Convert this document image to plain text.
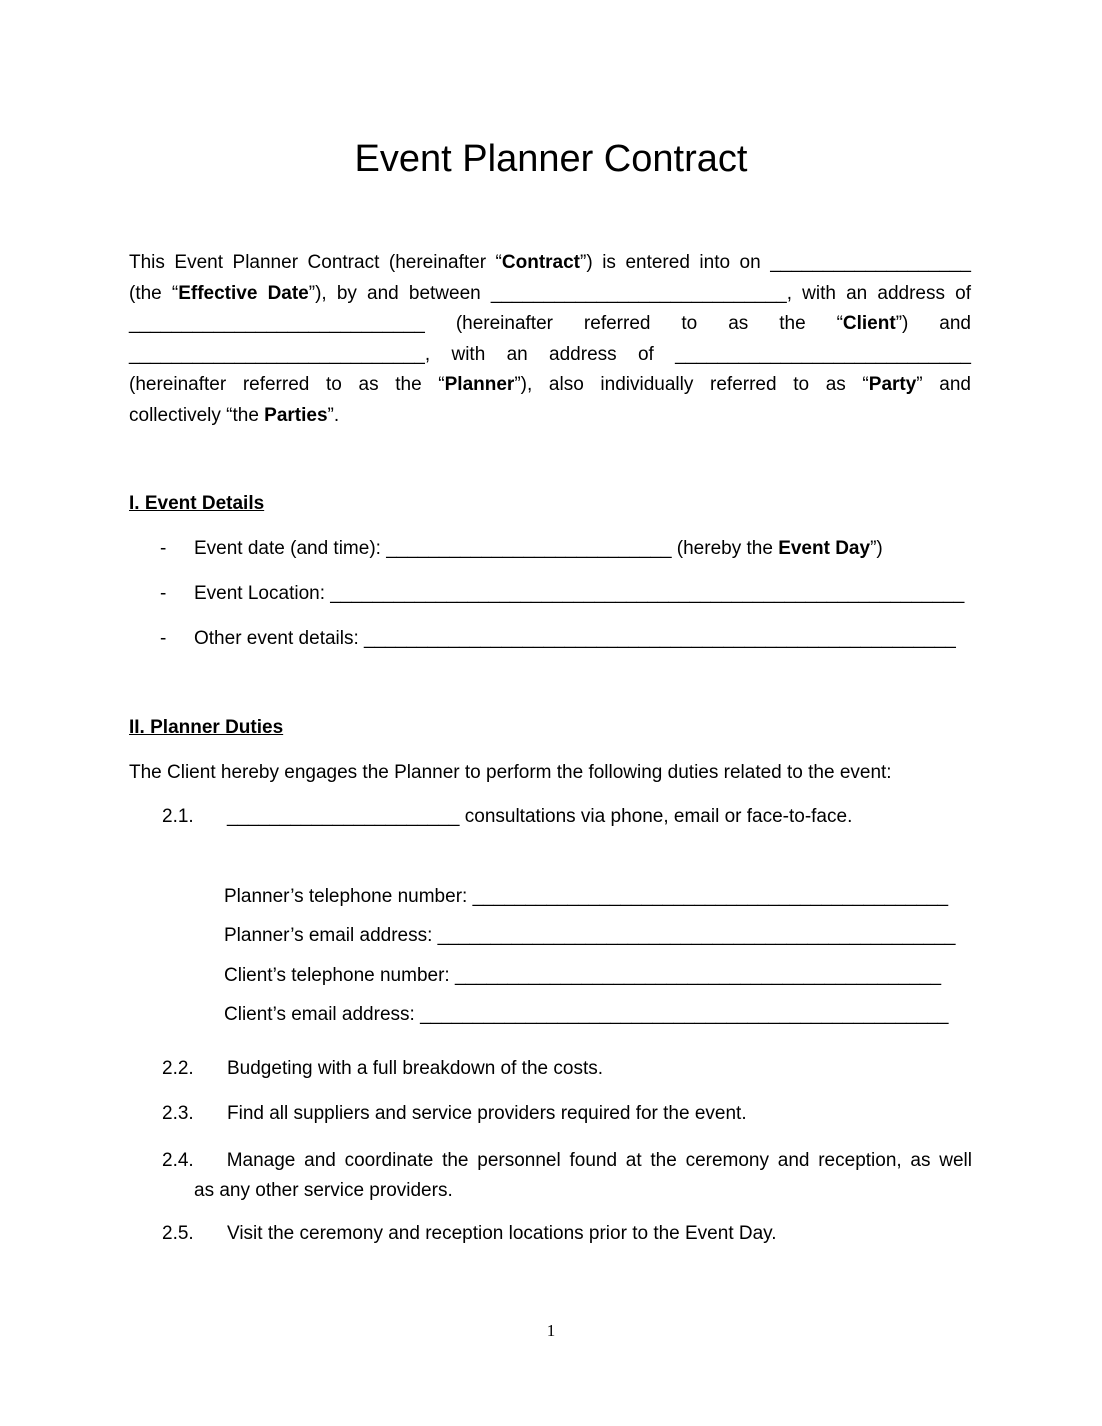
Event Planner Contract
This Event Planner Contract (hereinafter “Contract”) is entered into on ___________________
(the “Effective Date”), by and between ____________________________, with an address of
____________________________ (hereinafter referred to as the “Client”) and
____________________________, with an address of ____________________________
(hereinafter referred to as the “Planner”), also individually referred to as “Party” and
collectively “the Parties”.
I. Event Details
- Event date (and time): ___________________________ (hereby the Event Day”)
- Event Location: ____________________________________________________________
- Other event details: ________________________________________________________
II. Planner Duties
The Client hereby engages the Planner to perform the following duties related to the event:
2.1. ______________________ consultations via phone, email or face-to-face.
Planner’s telephone number: _____________________________________________
Planner’s email address: _________________________________________________
Client’s telephone number: ______________________________________________
Client’s email address: __________________________________________________
2.2. Budgeting with a full breakdown of the costs.
2.3. Find all suppliers and service providers required for the event.
2.4. Manage and coordinate the personnel found at the ceremony and reception, as well
as any other service providers.
2.5. Visit the ceremony and reception locations prior to the Event Day.
1
